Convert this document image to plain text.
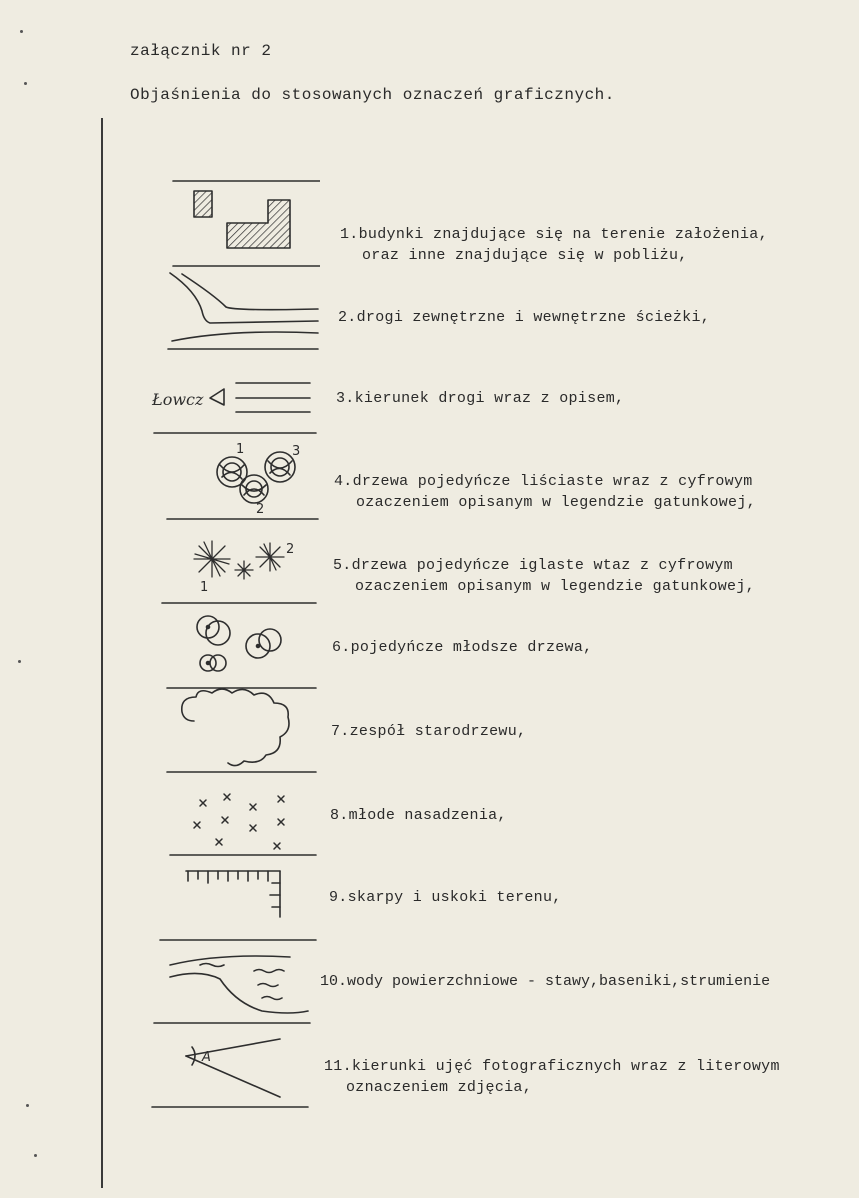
załącznik nr 2
Objaśnienia do stosowanych oznaczeń graficznych.
Łowcz
1
2
3
1
2
A
1.budynki znajdujące się na terenie założenia,
oraz inne znajdujące się w pobliżu,
2.drogi zewnętrzne i wewnętrzne ścieżki,
3.kierunek drogi wraz z opisem,
4.drzewa pojedyńcze liściaste wraz z cyfrowym
ozaczeniem opisanym w legendzie gatunkowej,
5.drzewa pojedyńcze iglaste wtaz z cyfrowym
ozaczeniem opisanym w legendzie gatunkowej,
6.pojedyńcze młodsze drzewa,
7.zespół starodrzewu,
8.młode nasadzenia,
9.skarpy i uskoki terenu,
10.wody powierzchniowe - stawy,baseniki,strumienie
11.kierunki ujęć fotograficznych wraz z literowym
oznaczeniem zdjęcia,
